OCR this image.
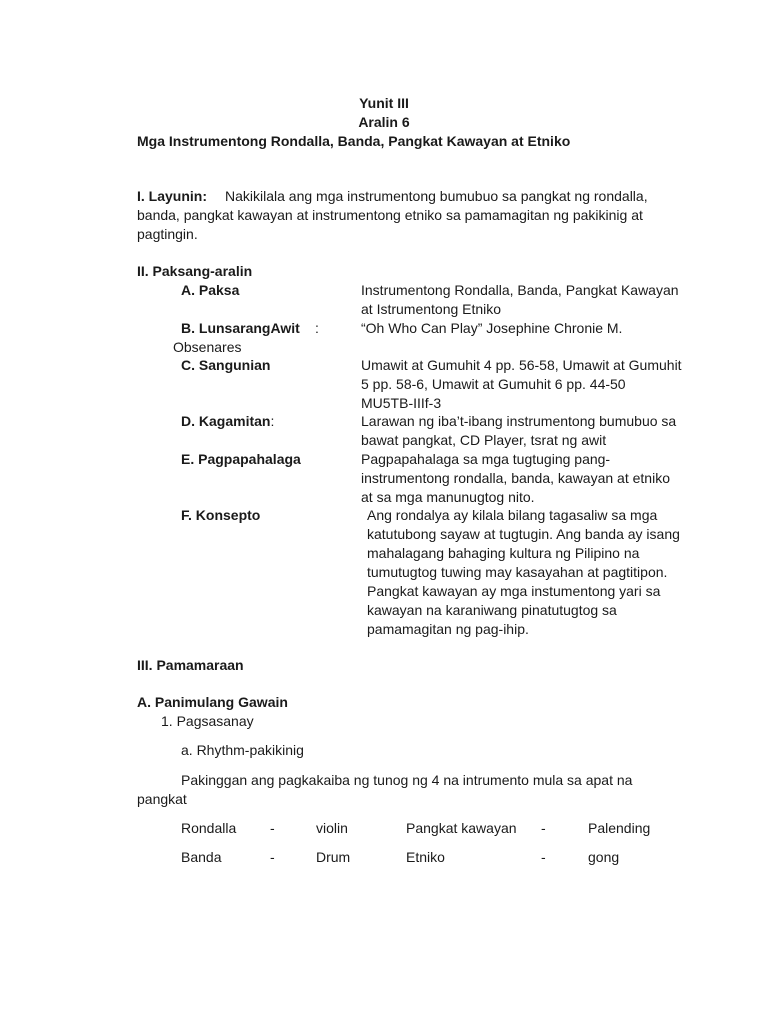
Yunit III
Aralin 6
Mga Instrumentong Rondalla, Banda, Pangkat Kawayan at Etniko
I. Layunin: Nakikilala ang mga instrumentong bumubuo sa pangkat ng rondalla,
banda, pangkat kawayan at instrumentong etniko sa pamamagitan ng pakikinig at
pagtingin.
II. Paksang-aralin
A. Paksa	Instrumentong Rondalla, Banda, Pangkat Kawayan
at Istrumentong Etniko
B. LunsarangAwit :	“Oh Who Can Play” Josephine Chronie M.
Obsenares
C. Sangunian	Umawit at Gumuhit 4 pp. 56-58, Umawit at Gumuhit
5 pp. 58-6, Umawit at Gumuhit 6 pp. 44-50
MU5TB-IIIf-3
D. Kagamitan:	Larawan ng iba’t-ibang instrumentong bumubuo sa
bawat pangkat, CD Player, tsrat ng awit
E. Pagpapahalaga	Pagpapahalaga sa mga tugtuging pang-
instrumentong rondalla, banda, kawayan at etniko
at sa mga manunugtog nito.
F. Konsepto	Ang rondalya ay kilala bilang tagasaliw sa mga
katutubong sayaw at tugtugin. Ang banda ay isang
mahalagang bahaging kultura ng Pilipino na
tumutugtog tuwing may kasayahan at pagtitipon.
Pangkat kawayan ay mga instumentong yari sa
kawayan na karaniwang pinatutugtog sa
pamamagitan ng pag-ihip.
III. Pamamaraan
A. Panimulang Gawain
1. Pagsasanay
a. Rhythm-pakikinig
Pakinggan ang pagkakaiba ng tunog ng 4 na intrumento mula sa apat na
pangkat
Rondalla -	violin	Pangkat kawayan -	Palending
Banda	-	Drum	Etniko	-	gong
